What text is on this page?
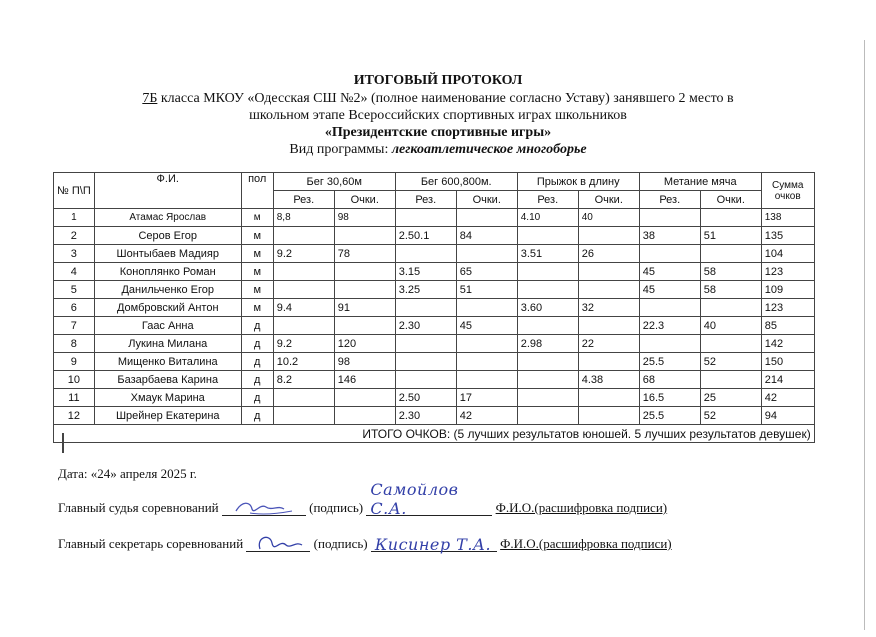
ИТОГОВЫЙ ПРОТОКОЛ
7Б класса МКОУ «Одесская СШ №2» (полное наименование согласно Уставу) занявшего 2 место в
школьном этапе Всероссийских спортивных играх школьников
«Президентские спортивные игры»
Вид программы: легкоатлетическое многоборье
№ П\П	Ф.И.	пол	Бег 30,60м		Бег 600,800м.		Прыжок в длину		Метание мяча		Сумма очков
			Рез.	Очки.	Рез.	Очки.	Рез.	Очки.	Рез.	Очки.	
1	Атамас Ярослав	м	8,8	98			4.10	40			138
2	Серов Егор	м			2.50.1	84			38	51	135
3	Шонтыбаев Мадияр	м	9.2	78			3.51	26			104
4	Коноплянко Роман	м			3.15	65			45	58	123
5	Данильченко Егор	м			3.25	51			45	58	109
6	Домбровский Антон	м	9.4	91			3.60	32			123
7	Гаас Анна	д			2.30	45			22.3	40	85
8	Лукина Милана	д	9.2	120			2.98	22			142
9	Мищенко Виталина	д	10.2	98					25.5	52	150
10	Базарбаева Карина	д	8.2	146				4.38	68		214
11	Хмаук Марина	д			2.50	17			16.5	25	42
12	Шрейнер Екатерина	д			2.30	42			25.5	52	94
ИТОГО ОЧКОВ: (5 лучших результатов юношей. 5 лучших результатов девушек)											
Дата: «24» апреля 2025 г.
Главный судья соревнований	(подпись)
Самойлов С.А.	Ф.И.О.(расшифровка подписи)
Главный секретарь соревнований	(подпись) Кисинер Т.А. Ф.И.О.(расшифровка подписи)
